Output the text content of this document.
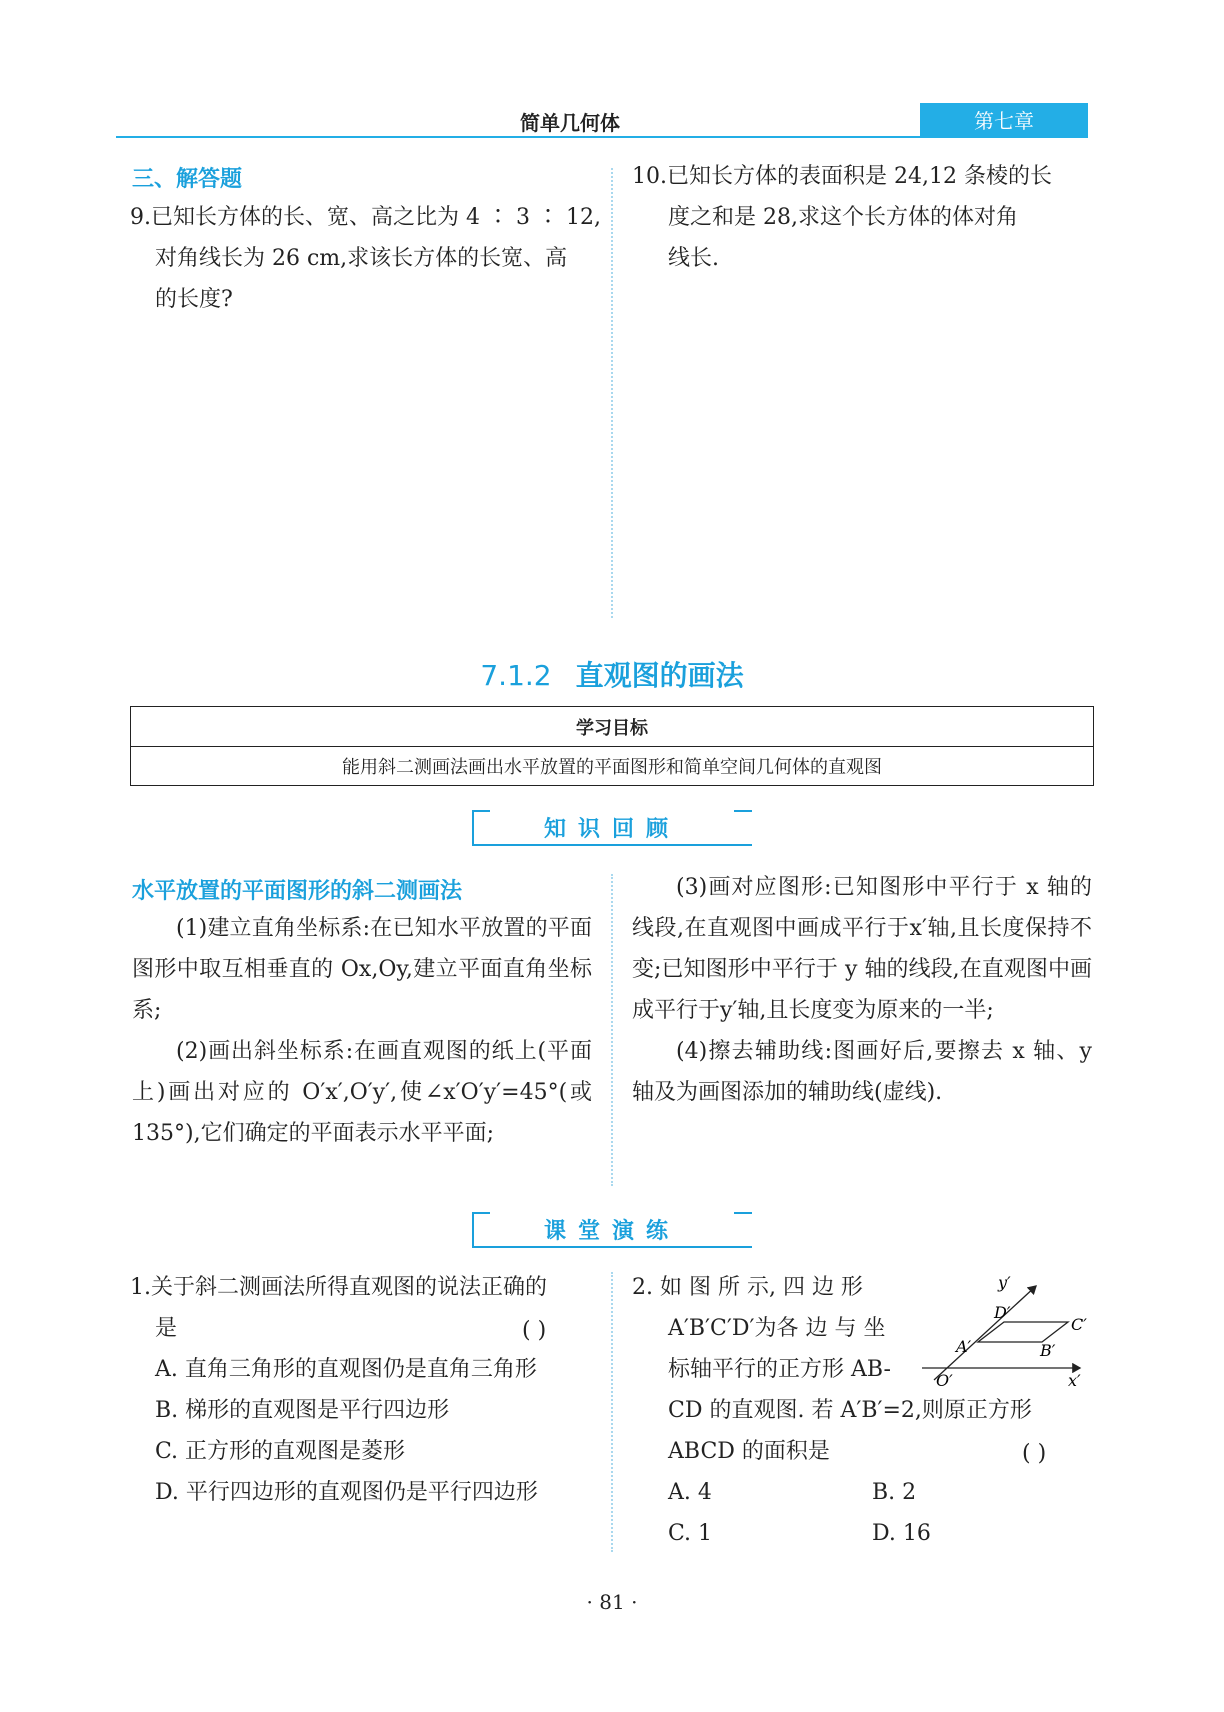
简单几何体	第七章
三、解答题
9.已知长方体的长、宽、高之比为 4 ∶ 3 ∶ 12,
对角线长为 26 cm,求该长方体的长宽、高
的长度?
10.已知长方体的表面积是 24,12 条棱的长
度之和是 28,求这个长方体的体对角
线长.
7.1.2 直观图的画法
学习目标
能用斜二测画法画出水平放置的平面图形和简单空间几何体的直观图
知识回顾
水平放置的平面图形的斜二测画法

(1)建立直角坐标系:在已知水平放置的平面图形中取互相垂直的 Ox,Oy,建立平面直角坐标系;

(2)画出斜坐标系:在画直观图的纸上(平面上)画出对应的 O′x′,O′y′,使∠x′O′y′=45°(或 135°),它们确定的平面表示水平平面;

(3)画对应图形:已知图形中平行于 x 轴的线段,在直观图中画成平行于x′轴,且长度保持不变;已知图形中平行于 y 轴的线段,在直观图中画成平行于y′轴,且长度变为原来的一半;

(4)擦去辅助线:图画好后,要擦去 x 轴、y 轴及为画图添加的辅助线(虚线).

课堂演练
1.关于斜二测画法所得直观图的说法正确的
是	( )
A. 直角三角形的直观图仍是直角三角形
B. 梯形的直观图是平行四边形
C. 正方形的直观图是菱形
D. 平行四边形的直观图仍是平行四边形
2. 如 图 所 示, 四 边 形
A′B′C′D′为各 边 与 坐
标轴平行的正方形 AB-
CD 的直观图. 若 A′B′=2,则原正方形
ABCD 的面积是	( )
A. 4	B. 2
C. 1	D. 16
y′
D′
C′
A′	B′
O′	x′
· 81 ·
